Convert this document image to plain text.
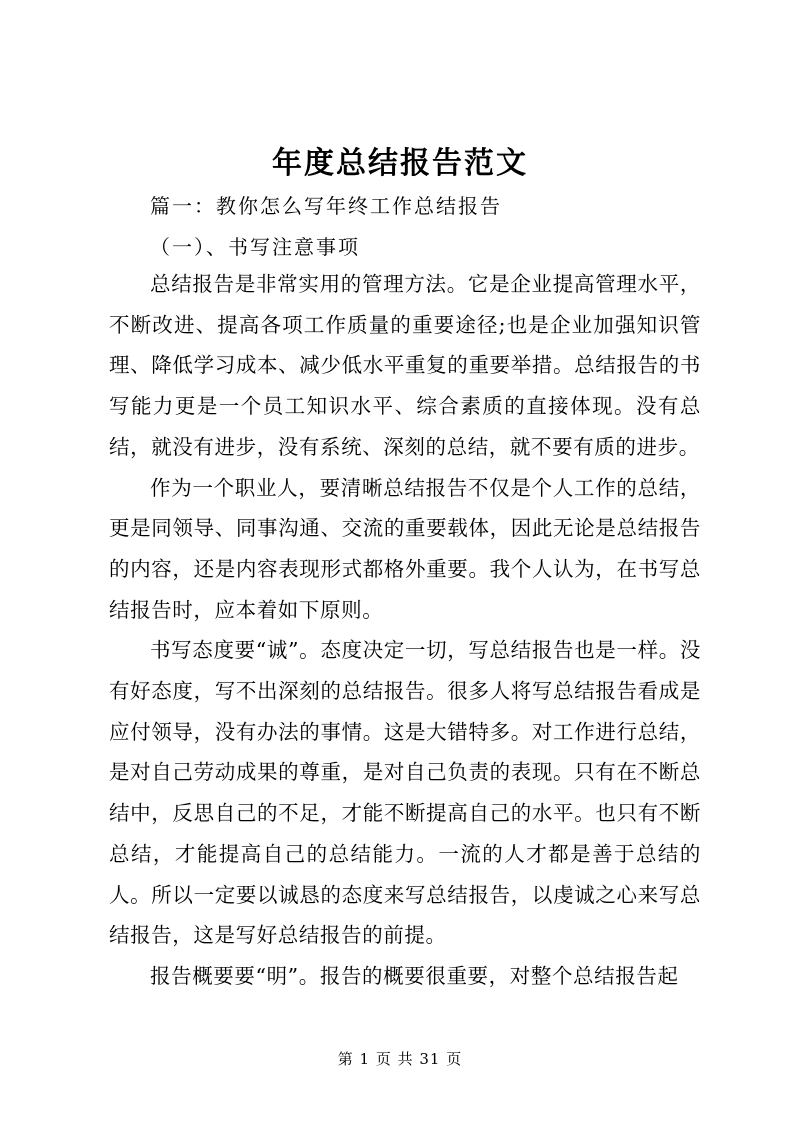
年度总结报告范文
篇一：教你怎么写年终工作总结报告
（一）、书写注意事项

总结报告是非常实用的管理方法。它是企业提高管理水平，不断改进、提高各项工作质量的重要途径;也是企业加强知识管理、降低学习成本、减少低水平重复的重要举措。总结报告的书写能力更是一个员工知识水平、综合素质的直接体现。没有总结，就没有进步，没有系统、深刻的总结，就不要有质的进步。

作为一个职业人，要清晰总结报告不仅是个人工作的总结，更是同领导、同事沟通、交流的重要载体，因此无论是总结报告的内容，还是内容表现形式都格外重要。我个人认为，在书写总结报告时，应本着如下原则。

书写态度要“诚”。态度决定一切，写总结报告也是一样。没有好态度，写不出深刻的总结报告。很多人将写总结报告看成是应付领导，没有办法的事情。这是大错特多。对工作进行总结，是对自己劳动成果的尊重，是对自己负责的表现。只有在不断总结中，反思自己的不足，才能不断提高自己的水平。也只有不断总结，才能提高自己的总结能力。一流的人才都是善于总结的人。所以一定要以诚恳的态度来写总结报告，以虔诚之心来写总结报告，这是写好总结报告的前提。

报告概要要“明”。报告的概要很重要，对整个总结报告起

第 1 页 共 31 页
